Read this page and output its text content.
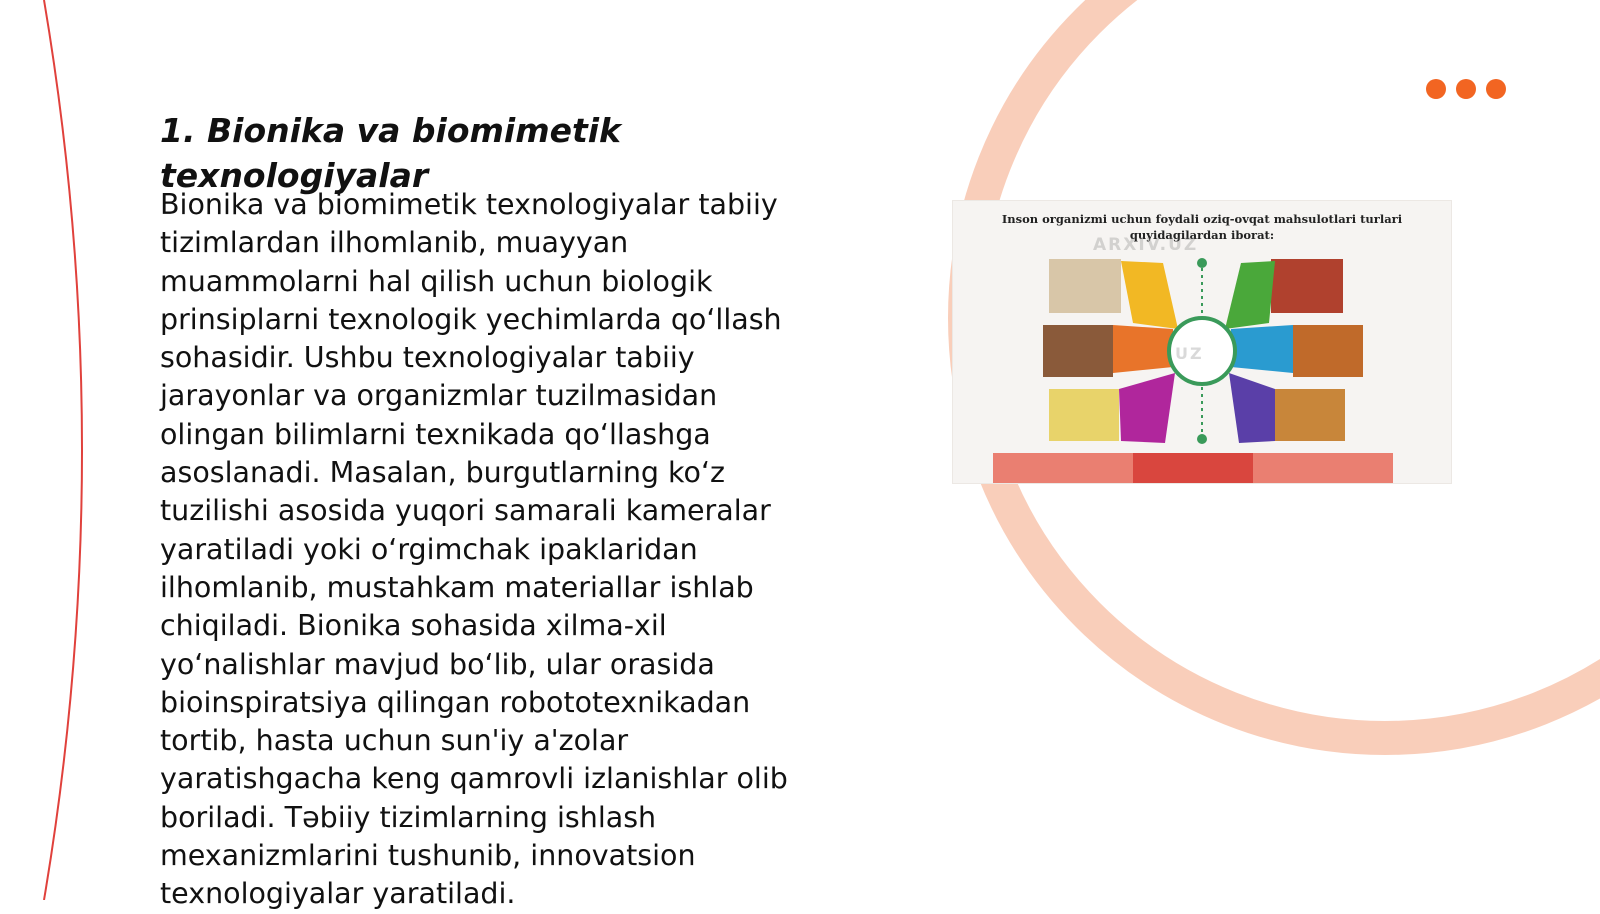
1. Bionika va biomimetik texnologiyalar

Bionika va biomimetik texnologiyalar tabiiy tizimlardan ilhomlanib, muayyan muammolarni hal qilish uchun biologik prinsiplarni texnologik yechimlarda qo‘llash sohasidir. Ushbu texnologiyalar tabiiy jarayonlar va organizmlar tuzilmasidan olingan bilimlarni texnikada qo‘llashga asoslanadi. Masalan, burgutlarning ko‘z tuzilishi asosida yuqori samarali kameralar yaratiladi yoki o‘rgimchak ipaklaridan ilhomlanib, mustahkam materiallar ishlab chiqiladi. Bionika sohasida xilma-xil yo‘nalishlar mavjud bo‘lib, ular orasida bioinspiratsiya qilingan robototexnikadan tortib, hasta uchun sun'iy a'zolar yaratishgacha keng qamrovli izlanishlar olib boriladi. Təbiiy tizimlarning ishlash mexanizmlarini tushunib, innovatsion texnologiyalar yaratiladi.

Inson organizmi uchun foydali oziq-ovqat mahsulotlari turlari quyidagilardan iborat:
ARXIV.UZ
UZ
